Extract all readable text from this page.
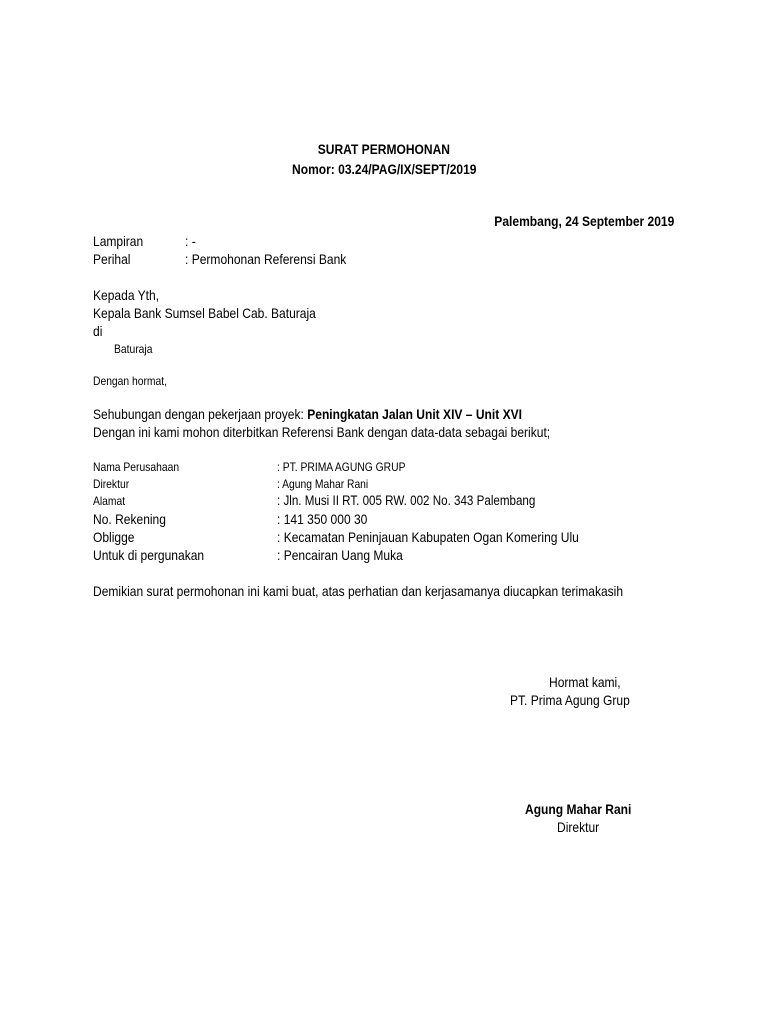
SURAT PERMOHONAN
Nomor: 03.24/PAG/IX/SEPT/2019
Palembang, 24 September 2019
Lampiran	: -
Perihal	: Permohonan Referensi Bank
Kepada Yth,
Kepala Bank Sumsel Babel Cab. Baturaja
di
Baturaja
Dengan hormat,
Sehubungan dengan pekerjaan proyek: Peningkatan Jalan Unit XIV – Unit XVI
Dengan ini kami mohon diterbitkan Referensi Bank dengan data-data sebagai berikut;
Nama Perusahaan	: PT. PRIMA AGUNG GRUP
Direktur	: Agung Mahar Rani
Alamat	: Jln. Musi II RT. 005 RW. 002 No. 343 Palembang
No. Rekening	: 141 350 000 30
Obligge	: Kecamatan Peninjauan Kabupaten Ogan Komering Ulu
Untuk di pergunakan	: Pencairan Uang Muka
Demikian surat permohonan ini kami buat, atas perhatian dan kerjasamanya diucapkan terimakasih
Hormat kami,
PT. Prima Agung Grup
Agung Mahar Rani
Direktur
